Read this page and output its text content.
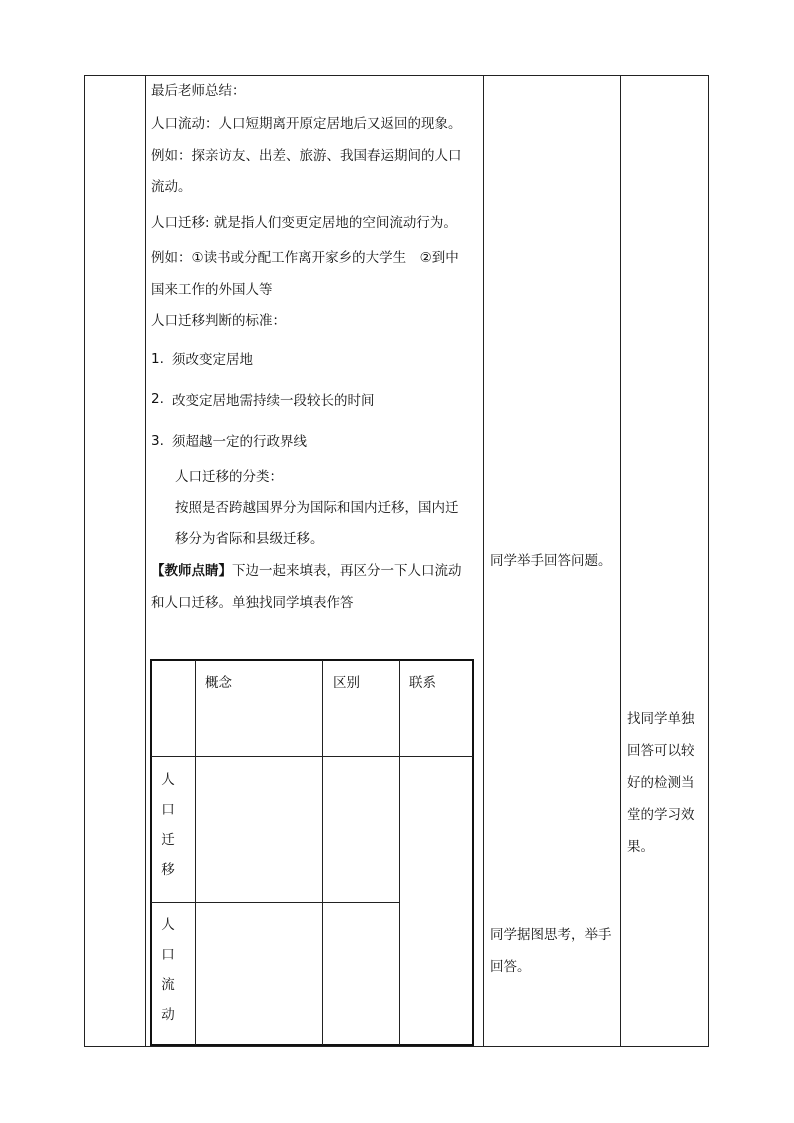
最后老师总结：
人口流动：人口短期离开原定居地后又返回的现象。
例如：探亲访友、出差、旅游、我国春运期间的人口
流动。
人口迁移: 就是指人们变更定居地的空间流动行为。
例如：①读书或分配工作离开家乡的大学生　②到中
国来工作的外国人等
人口迁移判断的标准：
1. 须改变定居地
2. 改变定居地需持续一段较长的时间
3. 须超越一定的行政界线
人口迁移的分类：
按照是否跨越国界分为国际和国内迁移，国内迁
移分为省际和县级迁移。
【教师点睛】下边一起来填表，再区分一下人口流动
和人口迁移。单独找同学填表作答
概念	区别	联系
人
口
迁
移
人
口
流
动
同学举手回答问题。
同学据图思考，举手
回答。
找同学单独
回答可以较
好的检测当
堂的学习效
果。
